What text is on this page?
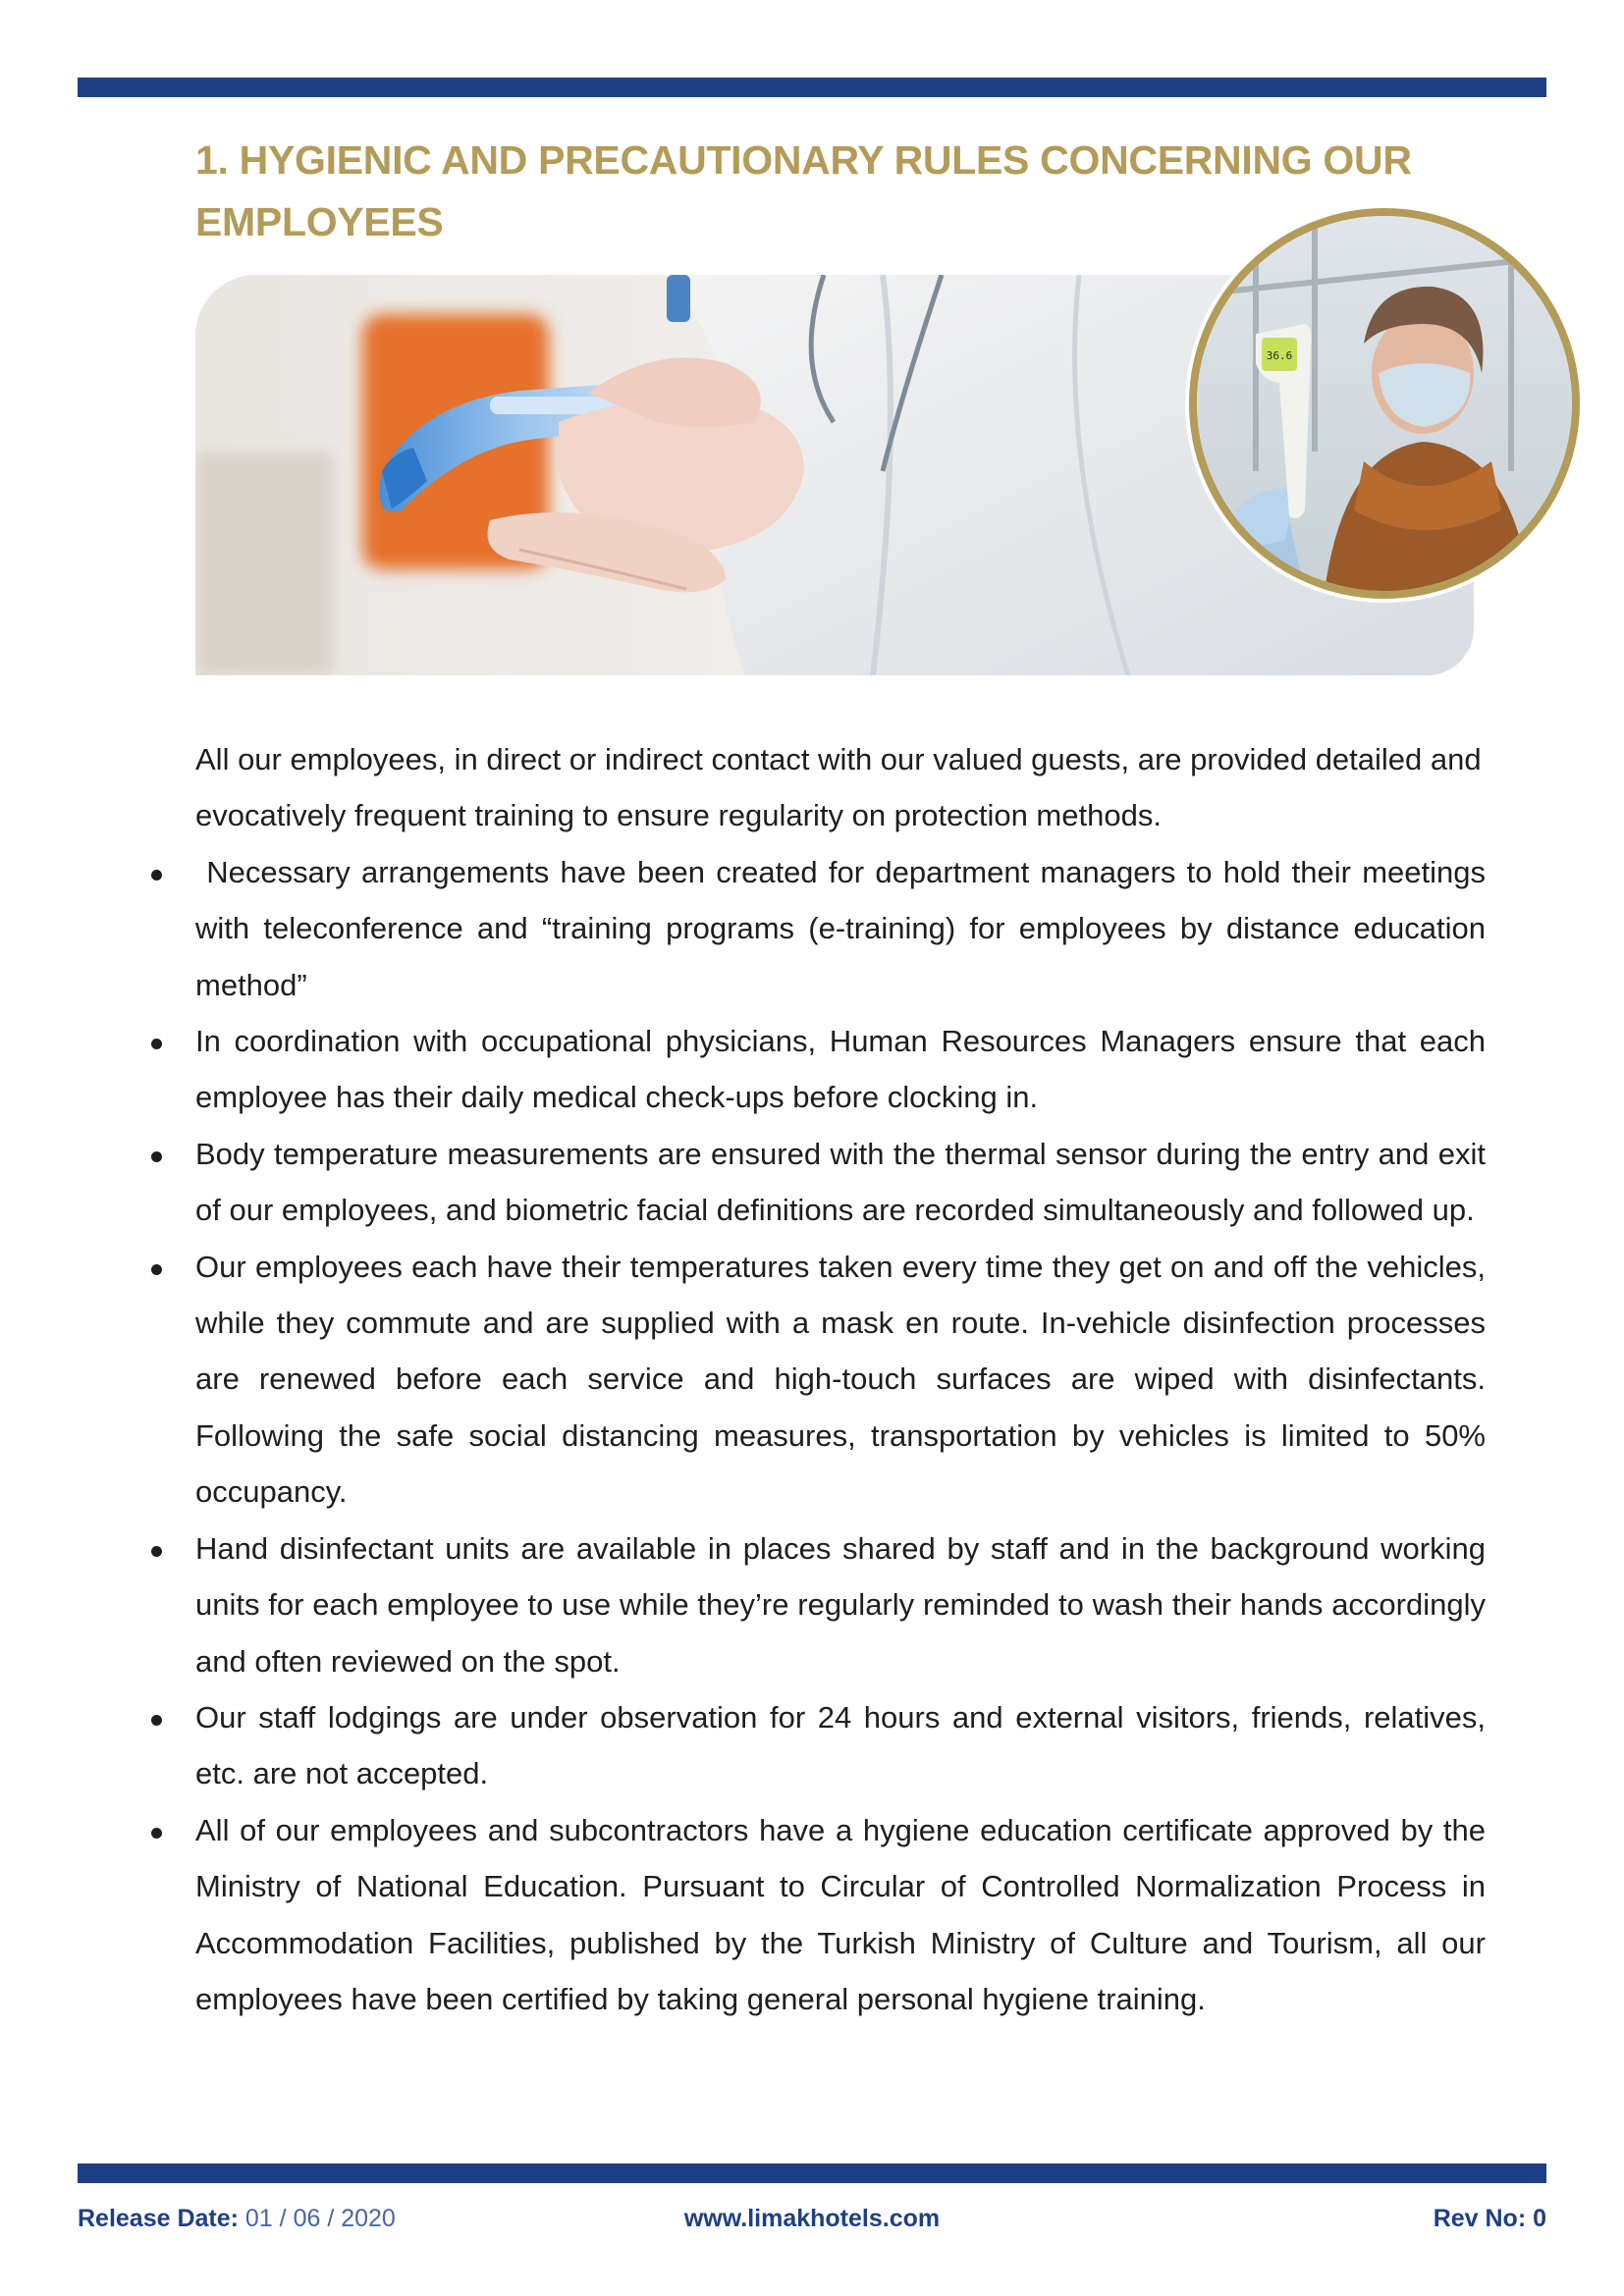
1. HYGIENIC AND PRECAUTIONARY RULES CONCERNING OUR EMPLOYEES
36.6

All our employees, in direct or indirect contact with our valued guests, are provided detailed and evocatively frequent training to ensure regularity on protection methods.

Necessary arrangements have been created for department managers to hold their meetings with teleconference and “training programs (e-training) for employees by distance education method”
In coordination with occupational physicians, Human Resources Managers ensure that each employee has their daily medical check-ups before clocking in.
Body temperature measurements are ensured with the thermal sensor during the entry and exit of our employees, and biometric facial definitions are recorded simultaneously and followed up.
Our employees each have their temperatures taken every time they get on and off the vehicles, while they commute and are supplied with a mask en route. In-vehicle disinfection processes are renewed before each service and high-touch surfaces are wiped with disinfectants. Following the safe social distancing measures, transportation by vehicles is limited to 50% occupancy.
Hand disinfectant units are available in places shared by staff and in the background working units for each employee to use while they’re regularly reminded to wash their hands accordingly and often reviewed on the spot.
Our staff lodgings are under observation for 24 hours and external visitors, friends, relatives, etc. are not accepted.
All of our employees and subcontractors have a hygiene education certificate approved by the Ministry of National Education. Pursuant to Circular of Controlled Normalization Process in Accommodation Facilities, published by the Turkish Ministry of Culture and Tourism, all our employees have been certified by taking general personal hygiene training.
Release Date: 01 / 06 / 2020	www.limakhotels.com	Rev No: 0
